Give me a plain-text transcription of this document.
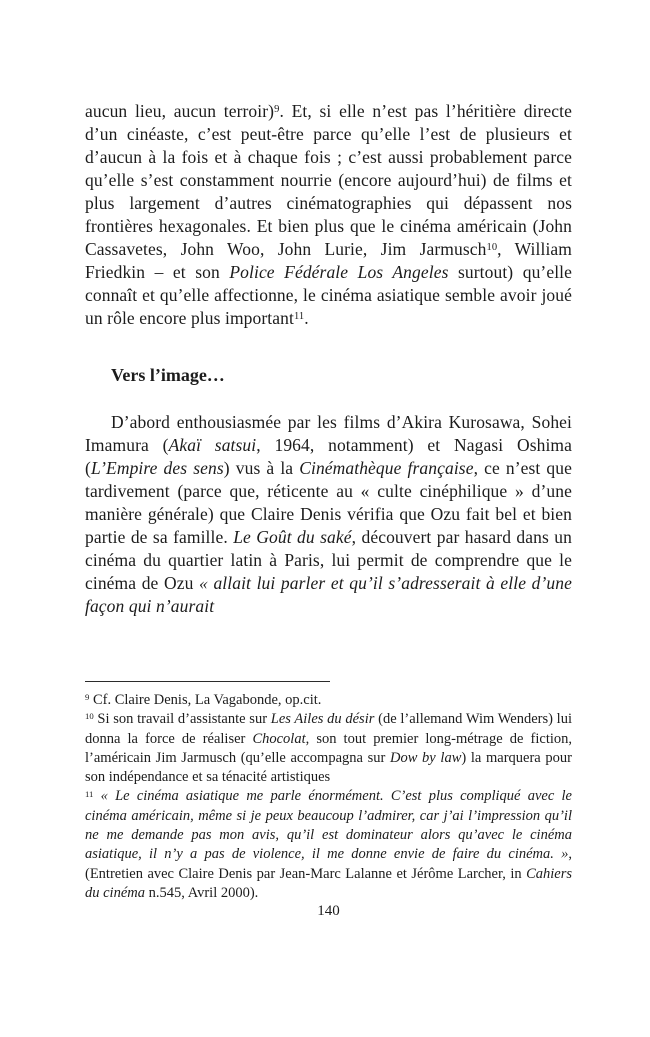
aucun lieu, aucun terroir)$^9$. Et, si elle n’est pas l’héritière directe d’un cinéaste, c’est peut-être parce qu’elle l’est de plusieurs et d’aucun à la fois et à chaque fois ; c’est aussi probablement parce qu’elle s’est constamment nourrie (encore aujourd’hui) de films et plus largement d’autres cinématographies qui dépassent nos frontières hexagonales. Et bien plus que le cinéma américain (John Cassavetes, John Woo, John Lurie, Jim Jarmusch$^{10}$, William Friedkin – et son Police Fédérale Los Angeles surtout) qu’elle connaît et qu’elle affectionne, le cinéma asiatique semble avoir joué un rôle encore plus important$^{11}$.

Vers l’image…

D’abord enthousiasmée par les films d’Akira Kurosawa, Sohei Imamura (Akaï satsui, 1964, notamment) et Nagasi Oshima (L’Empire des sens) vus à la Cinémathèque française, ce n’est que tardivement (parce que, réticente au « culte cinéphilique » d’une manière générale) que Claire Denis vérifia que Ozu fait bel et bien partie de sa famille. Le Goût du saké, découvert par hasard dans un cinéma du quartier latin à Paris, lui permit de comprendre que le cinéma de Ozu « allait lui parler et qu’il s’adresserait à elle d’une façon qui n’aurait

$^9$ Cf. Claire Denis, La Vagabonde, op.cit.

$^{10}$ Si son travail d’assistante sur Les Ailes du désir (de l’allemand Wim Wenders) lui donna la force de réaliser Chocolat, son tout premier long-métrage de fiction, l’américain Jim Jarmusch (qu’elle accompagna sur Dow by law) la marquera pour son indépendance et sa ténacité artistiques

$^{11}$ « Le cinéma asiatique me parle énormément. C’est plus compliqué avec le cinéma américain, même si je peux beaucoup l’admirer, car j’ai l’impression qu’il ne me demande pas mon avis, qu’il est dominateur alors qu’avec le cinéma asiatique, il n’y a pas de violence, il me donne envie de faire du cinéma. », (Entretien avec Claire Denis par Jean-Marc Lalanne et Jérôme Larcher, in Cahiers du cinéma n.545, Avril 2000).

140
